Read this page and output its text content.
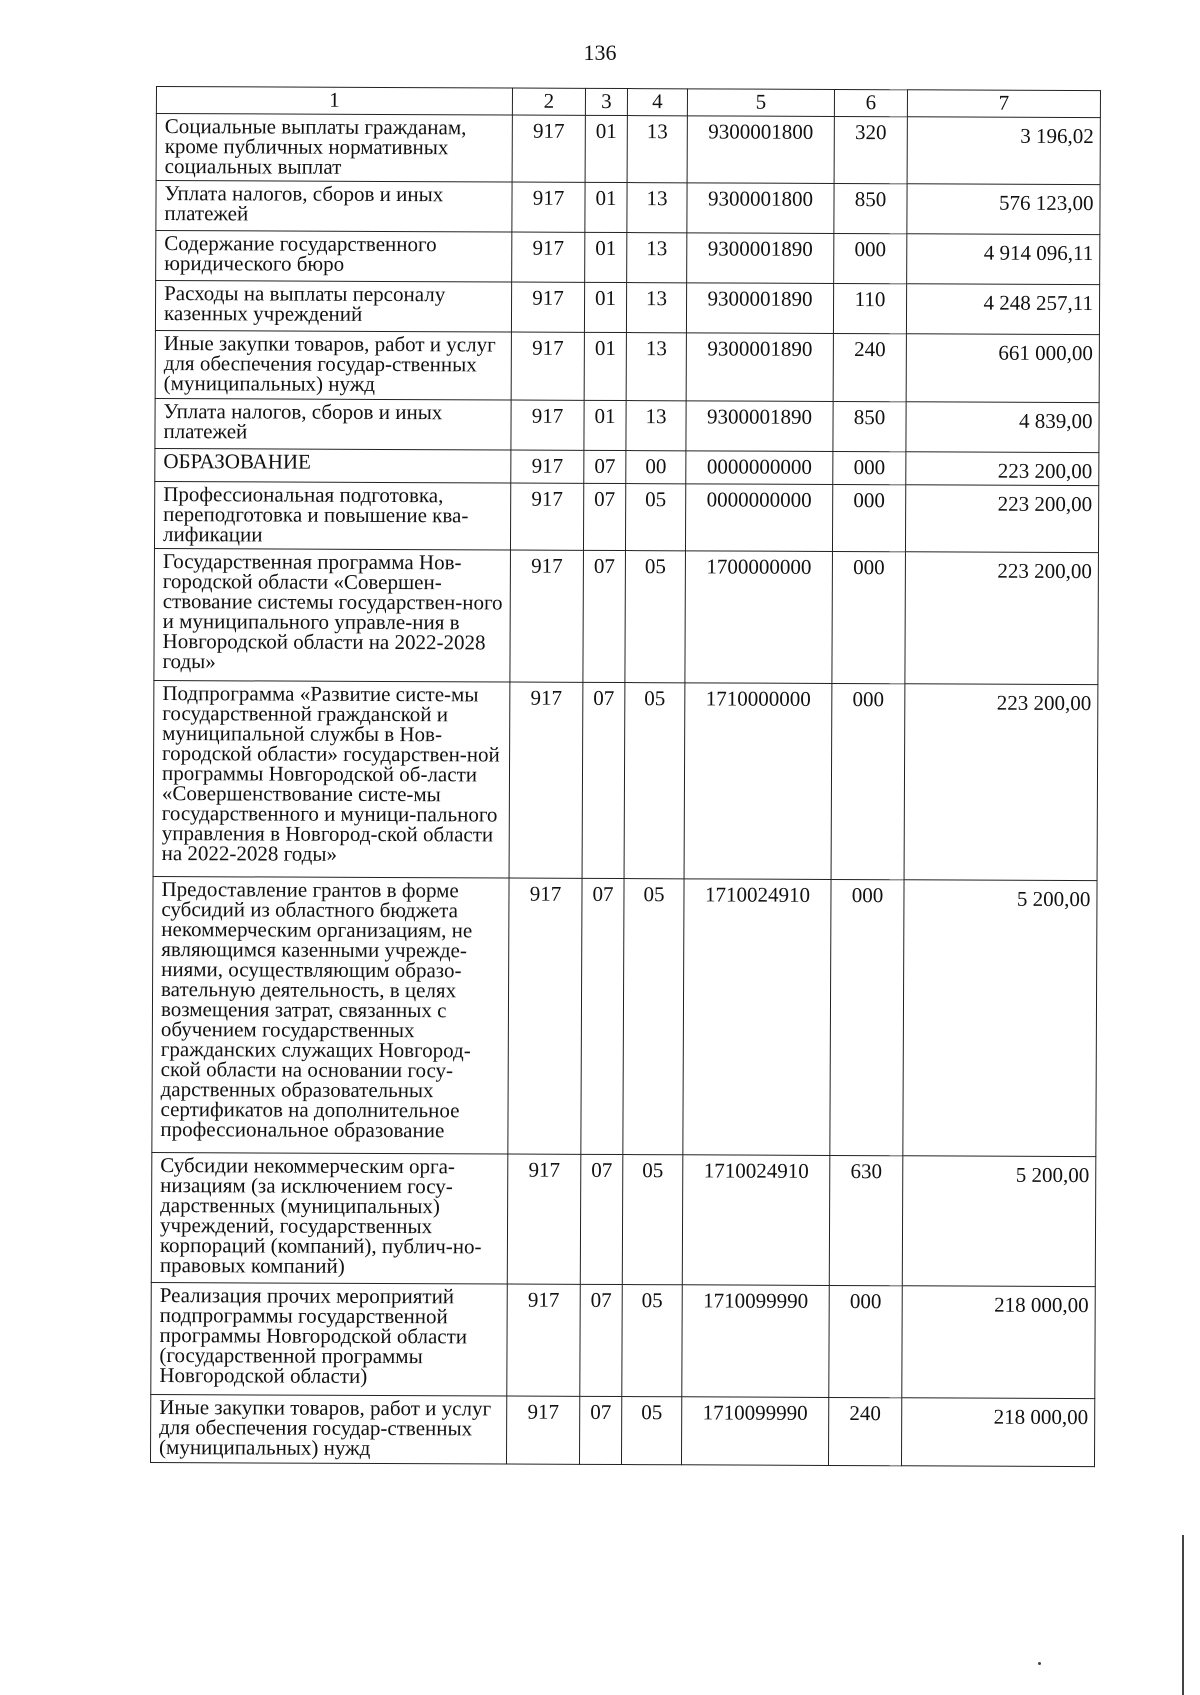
136
1	2	3	4	5	6	7
Социальные выплаты гражданам, кроме публичных нормативных социальных выплат	917	01	13	9300001800	320	3 196,02
Уплата налогов, сборов и иных платежей	917	01	13	9300001800	850	576 123,00
Содержание государственного юридического бюро	917	01	13	9300001890	000	4 914 096,11
Расходы на выплаты персоналу казенных учреждений	917	01	13	9300001890	110	4 248 257,11
Иные закупки товаров, работ и услуг для обеспечения государ-ственных (муниципальных) нужд	917	01	13	9300001890	240	661 000,00
Уплата налогов, сборов и иных платежей	917	01	13	9300001890	850	4 839,00
ОБРАЗОВАНИЕ	917	07	00	0000000000	000	223 200,00
Профессиональная подготовка, переподготовка и повышение ква-лификации	917	07	05	0000000000	000	223 200,00
Государственная программа Нов-городской области «Совершен-ствование системы государствен-ного и муниципального управле-ния в Новгородской области на 2022-2028 годы»	917	07	05	1700000000	000	223 200,00
Подпрограмма «Развитие систе-мы государственной гражданской и муниципальной службы в Нов-городской области» государствен-ной программы Новгородской об-ласти «Совершенствование систе-мы государственного и муници-пального управления в Новгород-ской области на 2022-2028 годы»	917	07	05	1710000000	000	223 200,00
Предоставление грантов в форме субсидий из областного бюджета некоммерческим организациям, не являющимся казенными учрежде-ниями, осуществляющим образо-вательную деятельность, в целях возмещения затрат, связанных с обучением государственных гражданских служащих Новгород-ской области на основании госу-дарственных образовательных сертификатов на дополнительное профессиональное образование	917	07	05	1710024910	000	5 200,00
Субсидии некоммерческим орга-низациям (за исключением госу-дарственных (муниципальных) учреждений, государственных корпораций (компаний), публич-но-правовых компаний)	917	07	05	1710024910	630	5 200,00
Реализация прочих мероприятий подпрограммы государственной программы Новгородской области (государственной программы Новгородской области)	917	07	05	1710099990	000	218 000,00
Иные закупки товаров, работ и услуг для обеспечения государ-ственных (муниципальных) нужд	917	07	05	1710099990	240	218 000,00
